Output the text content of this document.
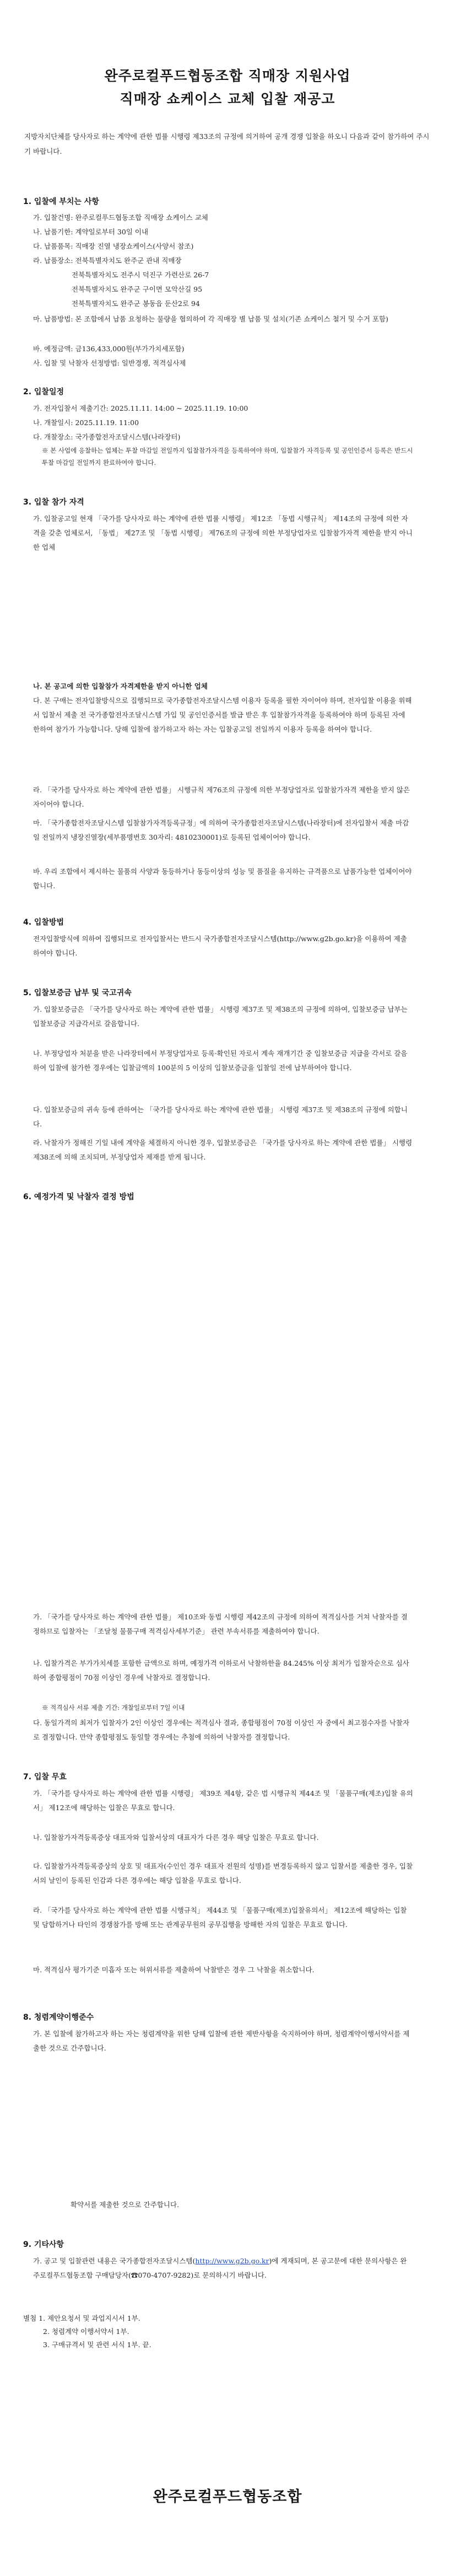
완주로컬푸드협동조합 직매장 지원사업
직매장 쇼케이스 교체 입찰 재공고
지방자치단체를 당사자로 하는 계약에 관한 법률 시행령 제33조의 규정에 의거하여 공개 경쟁 입찰을 하오니 다음과 같이 참가하여 주시기 바랍니다.
1. 입찰에 부치는 사항
가. 입찰건명: 완주로컬푸드협동조합 직매장 쇼케이스 교체
나. 납품기한: 계약일로부터 30일 이내
다. 납품품목: 직매장 진열 냉장쇼케이스(사양서 참조)
라. 납품장소: 전북특별자치도 완주군 관내 직매장
전북특별자치도 전주시 덕진구 가련산로 26-7
전북특별자치도 완주군 구이면 모악산길 95
전북특별자치도 완주군 봉동읍 둔산2로 94
마. 납품방법: 본 조합에서 납품 요청하는 물량을 협의하여 각 직매장 별 납품 및 설치(기존 쇼케이스 철거 및 수거 포함)
바. 예정금액: 금136,433,000원(부가가치세포함)
사. 입찰 및 낙찰자 선정방법: 일반경쟁, 적격심사제
2. 입찰일정
가. 전자입찰서 제출기간: 2025.11.11. 14:00 ~ 2025.11.19. 10:00
나. 개찰일시: 2025.11.19. 11:00
다. 개찰장소: 국가종합전자조달시스템(나라장터)
※ 본 사업에 응찰하는 업체는 투찰 마감일 전일까지 입찰참가자격을 등록하여야 하며, 입찰참가 자격등록 및 공인인증서 등록은 반드시 투찰 마감일 전일까지 완료하여야 합니다.
3. 입찰 참가 자격
가. 입찰공고일 현재 「국가를 당사자로 하는 계약에 관한 법률 시행령」 제12조 「동법 시행규칙」 제14조의 규정에 의한 자격을 갖춘 업체로서, 「동법」 제27조 및 「동법 시행령」 제76조의 규정에 의한 부정당업자로 입찰참가자격 제한을 받지 아니한 업체
나. 본 공고에 의한 입찰참가 자격제한을 받지 아니한 업체
다. 본 구매는 전자입찰방식으로 집행되므로 국가종합전자조달시스템 이용자 등록을 필한 자이어야 하며, 전자입찰 이용을 위해서 입찰서 제출 전 국가종합전자조달시스템 가입 및 공인인증서를 발급 받은 후 입찰참가자격을 등록하여야 하며 등록된 자에 한하여 참가가 가능합니다. 당해 입찰에 참가하고자 하는 자는 입찰공고일 전일까지 이용자 등록을 하여야 합니다.
라. 「국가를 당사자로 하는 계약에 관한 법률」 시행규칙 제76조의 규정에 의한 부정당업자로 입찰참가자격 제한을 받지 않은 자이어야 합니다.
마. 「국가종합전자조달시스템 입찰참가자격등록규정」에 의하여 국가종합전자조달시스템(나라장터)에 전자입찰서 제출 마감일 전일까지 냉장진열장(세부품명번호 30자리: 4810230001)로 등록된 업체이어야 합니다.
바. 우리 조합에서 제시하는 물품의 사양과 동등하거나 동등이상의 성능 및 품질을 유지하는 규격품으로 납품가능한 업체이어야 합니다.
4. 입찰방법
전자입찰방식에 의하여 집행되므로 전자입찰서는 반드시 국가종합전자조달시스템(http://www.g2b.go.kr)을 이용하여 제출하여야 합니다.
5. 입찰보증금 납부 및 국고귀속
가. 입찰보증금은 「국가를 당사자로 하는 계약에 관한 법률」 시행령 제37조 및 제38조의 규정에 의하여, 입찰보증금 납부는 입찰보증금 지급각서로 갈음합니다.
나. 부정당업자 처분을 받은 나라장터에서 부정당업자로 등록·확인된 자로서 계속 재개기간 중 입찰보증금 지급을 각서로 갈음하여 입찰에 참가한 경우에는 입찰금액의 100분의 5 이상의 입찰보증금을 입찰일 전에 납부하여야 합니다.
다. 입찰보증금의 귀속 등에 관하여는 「국가를 당사자로 하는 계약에 관한 법률」 시행령 제37조 및 제38조의 규정에 의합니다.
라. 낙찰자가 정해진 기일 내에 계약을 체결하지 아니한 경우, 입찰보증금은 「국가를 당사자로 하는 계약에 관한 법률」 시행령 제38조에 의해 조치되며, 부정당업자 제재를 받게 됩니다.
6. 예정가격 및 낙찰자 결정 방법
가. 「국가를 당사자로 하는 계약에 관한 법률」 제10조와 동법 시행령 제42조의 규정에 의하여 적격심사를 거쳐 낙찰자를 결정하므로 입찰자는 「조달청 물품구매 적격심사세부기준」 관련 부속서류를 제출하여야 합니다.
나. 입찰가격은 부가가치세를 포함한 금액으로 하며, 예정가격 이하로서 낙찰하한율 84.245% 이상 최저가 입찰자순으로 심사하여 종합평점이 70점 이상인 경우에 낙찰자로 결정합니다.
※ 적격심사 서류 제출 기간: 개찰일로부터 7일 이내
다. 동일가격의 최저가 입찰자가 2인 이상인 경우에는 적격심사 결과, 종합평점이 70점 이상인 자 중에서 최고점수자를 낙찰자로 결정합니다. 만약 종합평점도 동일할 경우에는 추첨에 의하여 낙찰자를 결정합니다.
7. 입찰 무효
가. 「국가를 당사자로 하는 계약에 관한 법률 시행령」 제39조 제4항, 같은 법 시행규칙 제44조 및 「물품구매(제조)입찰 유의서」 제12조에 해당하는 입찰은 무효로 합니다.
나. 입찰참가자격등록증상 대표자와 입찰서상의 대표자가 다른 경우 해당 입찰은 무효로 합니다.
다. 입찰참가자격등록증상의 상호 및 대표자(수인인 경우 대표자 전원의 성명)를 변경등록하지 않고 입찰서를 제출한 경우, 입찰서의 날인이 등록된 인감과 다른 경우에는 해당 입찰을 무효로 합니다.
라. 「국가를 당사자로 하는 계약에 관한 법률 시행규칙」 제44조 및 「물품구매(제조)입찰유의서」 제12조에 해당하는 입찰 및 담합하거나 타인의 경쟁참가를 방해 또는 관계공무원의 공무집행을 방해한 자의 입찰은 무효로 합니다.
마. 적격심사 평가기준 미흡자 또는 허위서류를 제출하여 낙찰받은 경우 그 낙찰을 취소합니다.
8. 청렴계약이행준수
가. 본 입찰에 참가하고자 하는 자는 청렴계약을 위한 당해 입찰에 관한 제반사항을 숙지하여야 하며, 청렴계약이행서약서를 제출한 것으로 간주합니다.
확약서를 제출한 것으로 간주합니다.
9. 기타사항
가. 공고 및 입찰관련 내용은 국가종합전자조달시스템(http://www.g2b.go.kr)에 게재되며, 본 공고문에 대한 문의사항은 완주로컬푸드협동조합 구매담당자(☎070-4707-9282)로 문의하시기 바랍니다.
별첨 1. 제안요청서 및 과업지시서 1부.
2. 청렴계약 이행서약서 1부.
3. 구매규격서 및 관련 서식 1부. 끝.
완주로컬푸드협동조합
